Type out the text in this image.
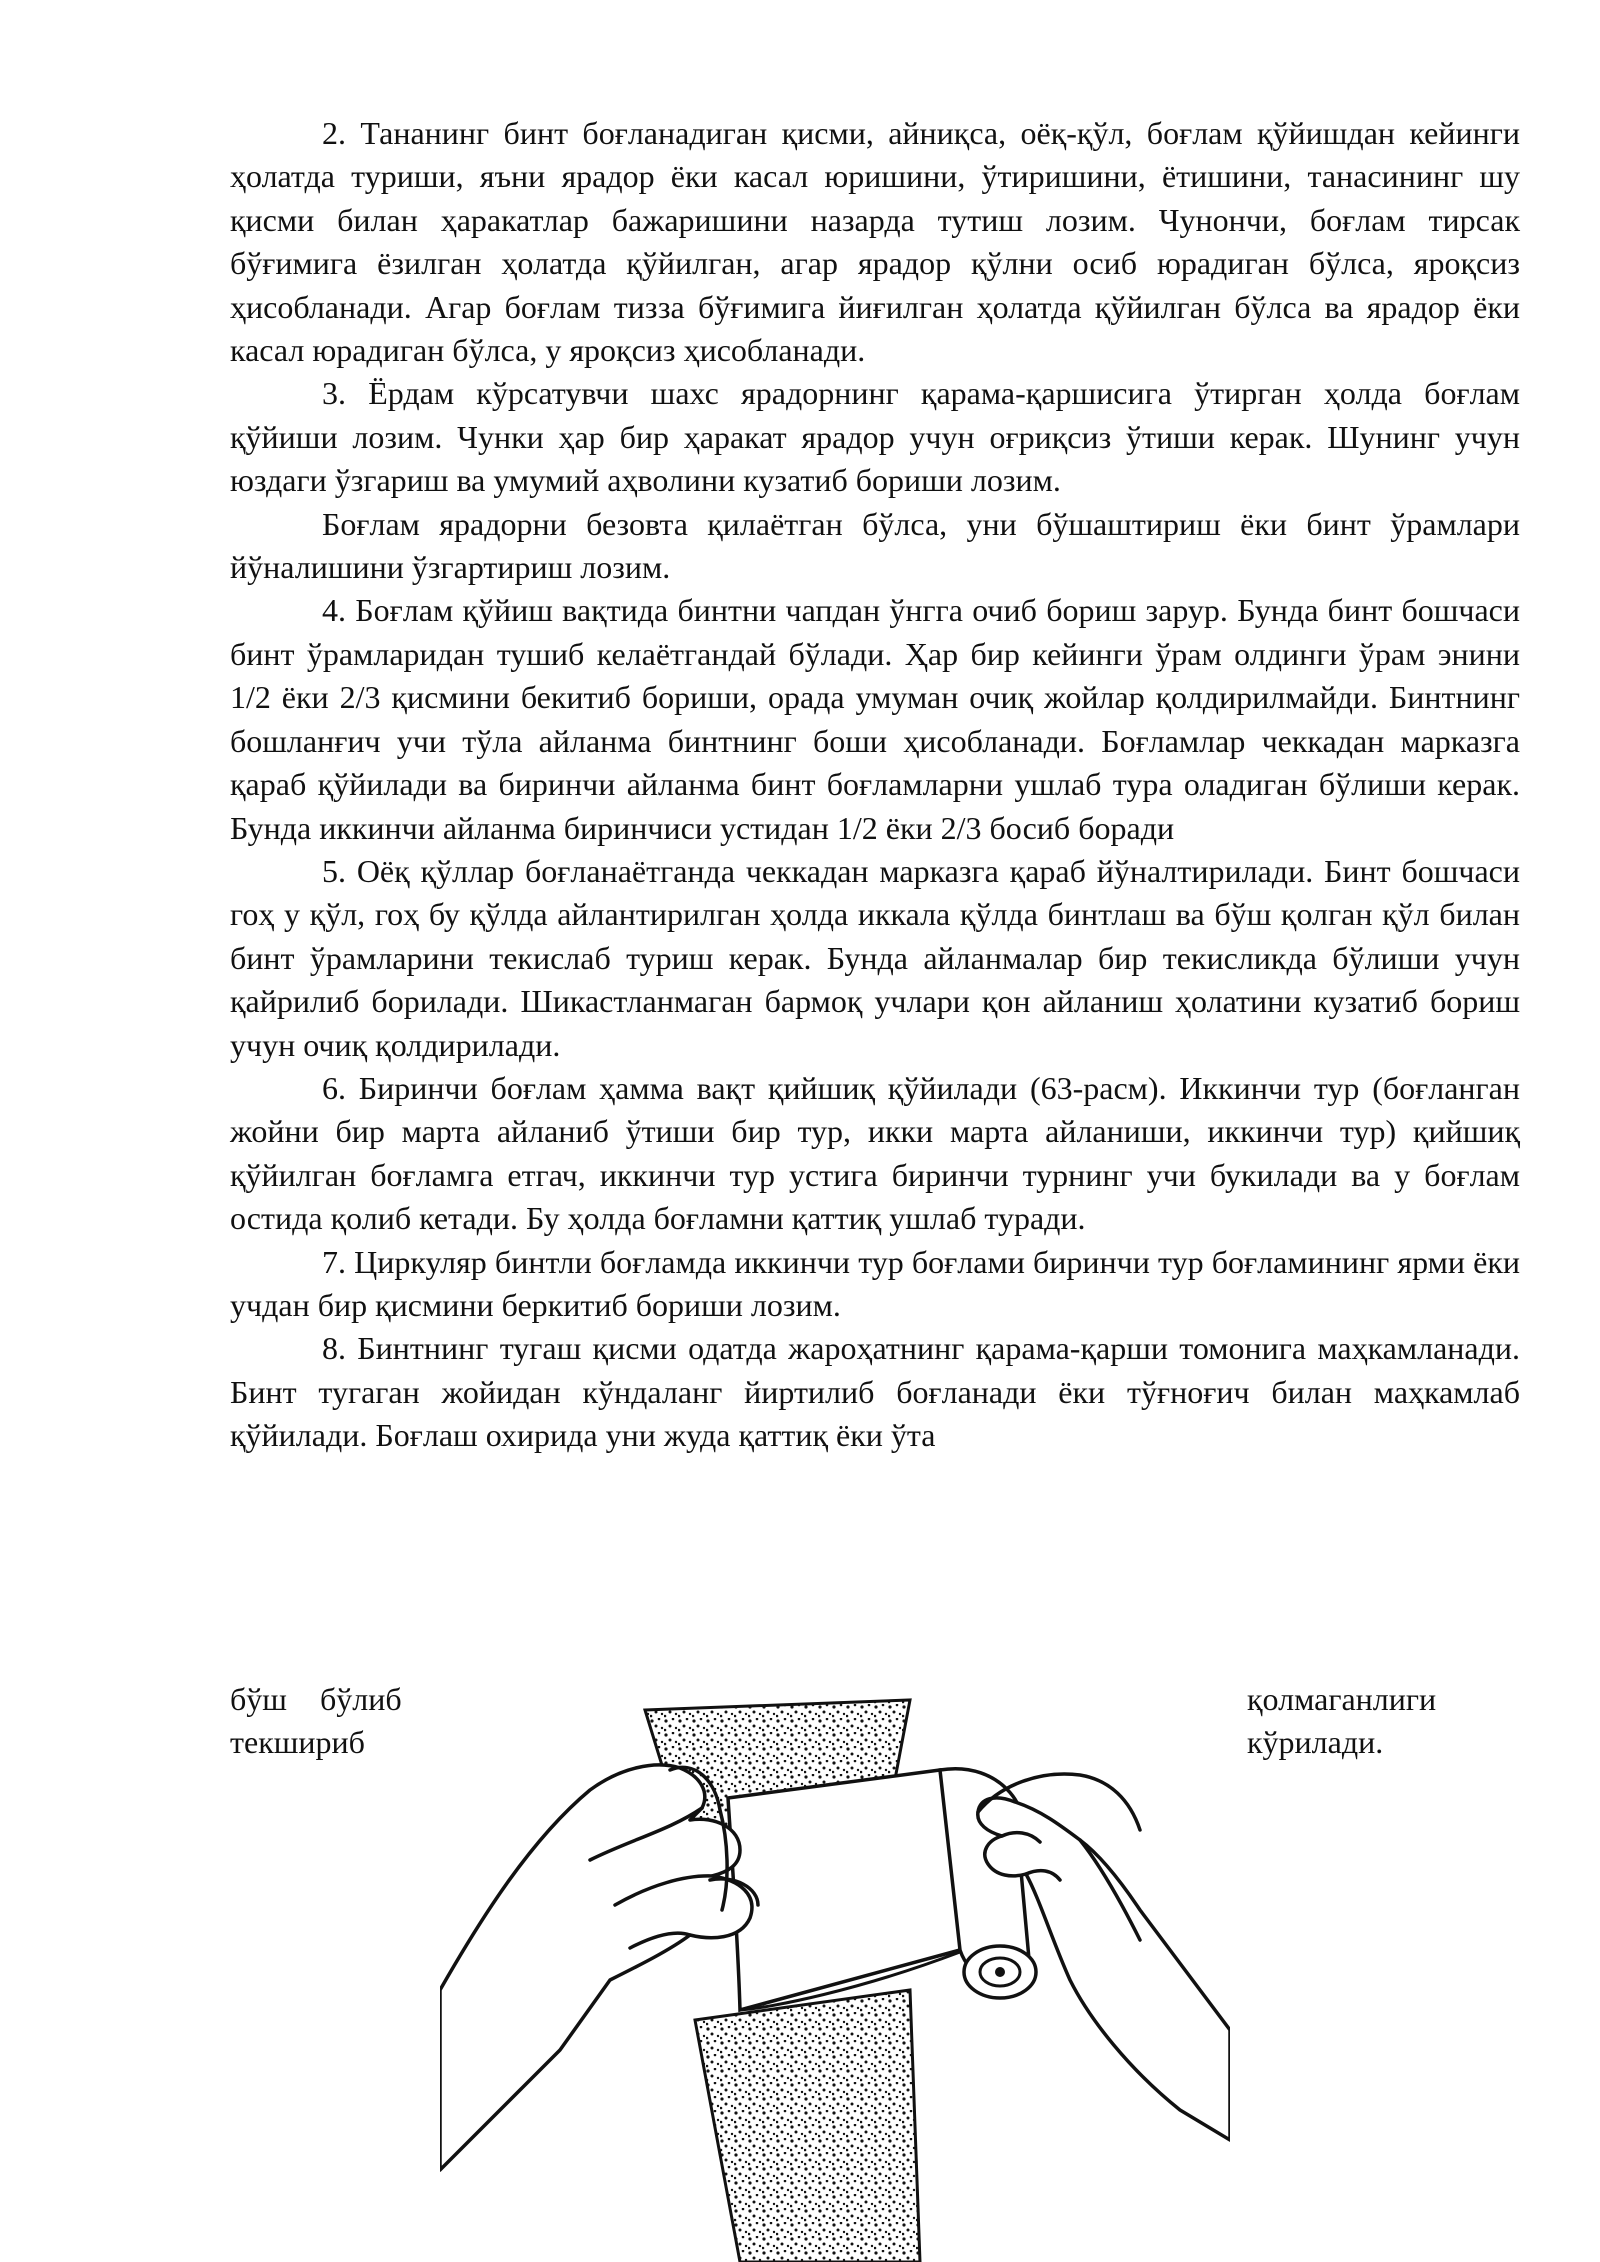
2. Тананинг бинт боғланадиган қисми, айниқса, оёқ-қўл, боғлам қўйишдан кейинги ҳолатда туриши, яъни ярадор ёки касал юришини, ўтиришини, ётишини, танасининг шу қисми билан ҳаракатлар бажаришини назарда тутиш лозим. Чунончи, боғлам тирсак бўғимига ёзилган ҳолатда қўйилган, агар ярадор қўлни осиб юрадиган бўлса, яроқсиз ҳисобланади. Агар боғлам тизза бўғимига йиғилган ҳолатда қўйилган бўлса ва ярадор ёки касал юрадиган бўлса, у яроқсиз ҳисобланади.

3. Ёрдам кўрсатувчи шахс ярадорнинг қарама-қаршисига ўтирган ҳолда боғлам қўйиши лозим. Чунки ҳар бир ҳаракат ярадор учун оғриқсиз ўтиши керак. Шунинг учун юздаги ўзгариш ва умумий аҳволини кузатиб бориши лозим.

Боғлам ярадорни безовта қилаётган бўлса, уни бўшаштириш ёки бинт ўрамлари йўналишини ўзгартириш лозим.

4. Боғлам қўйиш вақтида бинтни чапдан ўнгга очиб бориш зарур. Бунда бинт бошчаси бинт ўрамларидан тушиб келаётгандай бўлади. Ҳар бир кейинги ўрам олдинги ўрам энини 1/2 ёки 2/3 қисмини бекитиб бориши, орада умуман очиқ жойлар қолдирилмайди. Бинтнинг бошланғич учи тўла айланма бинтнинг боши ҳисобланади. Боғламлар чеккадан марказга қараб қўйилади ва биринчи айланма бинт боғламларни ушлаб тура оладиган бўлиши керак. Бунда иккинчи айланма биринчиси устидан 1/2 ёки 2/3 босиб боради

5. Оёқ қўллар боғланаётганда чеккадан марказга қараб йўналтирилади. Бинт бошчаси гоҳ у қўл, гоҳ бу қўлда айлантирилган ҳолда иккала қўлда бинтлаш ва бўш қолган қўл билан бинт ўрамларини текислаб туриш керак. Бунда айланмалар бир текисликда бўлиши учун қайрилиб борилади. Шикастланмаган бармоқ учлари қон айланиш ҳолатини кузатиб бориш учун очиқ қолдирилади.

6. Биринчи боғлам ҳамма вақт қийшиқ қўйилади (63-расм). Иккинчи тур (боғланган жойни бир марта айланиб ўтиши бир тур, икки марта айланиши, иккинчи тур) қийшиқ қўйилган боғламга етгач, иккинчи тур устига биринчи турнинг учи букилади ва у боғлам остида қолиб кетади. Бу ҳолда боғламни қаттиқ ушлаб туради.

7. Циркуляр бинтли боғламда иккинчи тур боғлами биринчи тур боғламининг ярми ёки учдан бир қисмини беркитиб бориши лозим.

8. Бинтнинг тугаш қисми одатда жароҳатнинг қарама-қарши томонига маҳкамланади. Бинт тугаган жойидан кўндаланг йиртилиб боғланади ёки тўғноғич билан маҳкамлаб қўйилади. Боғлаш охирида уни жуда қаттиқ ёки ўта

бўш бўлиб	қолмаганлиги
текшириб	кўрилади.
